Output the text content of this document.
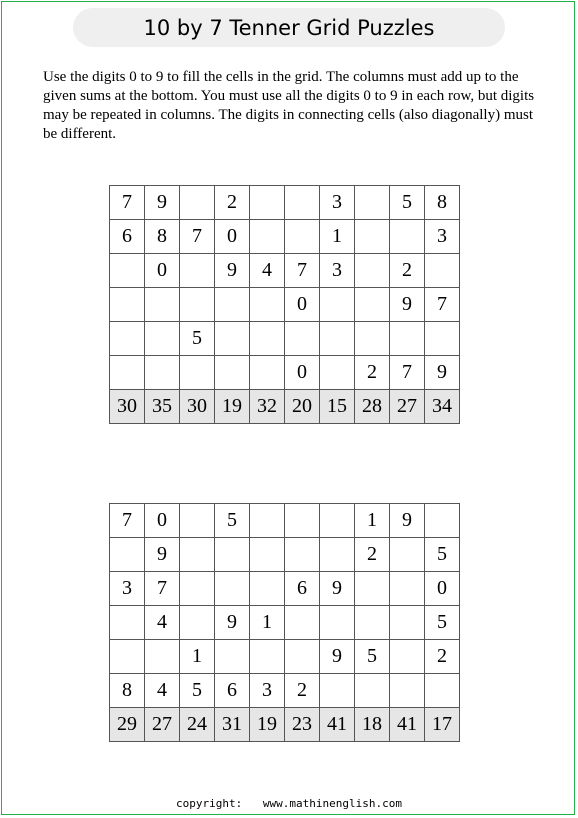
10 by 7 Tenner Grid Puzzles

Use the digits 0 to 9 to fill the cells in the grid. The columns must add up to the given sums at the bottom. You must use all the digits 0 to 9 in each row, but digits may be repeated in columns. The digits in connecting cells (also diagonally) must be different.

7	9		2			3		5	8
6	8	7	0			1			3
	0		9	4	7	3		2	
					0			9	7
		5							
					0		2	7	9
30	35	30	19	32	20	15	28	27	34
7	0		5				1	9	
	9						2		5
3	7				6	9			0
	4		9	1					5
		1				9	5		2
8	4	5	6	3	2				
29	27	24	31	19	23	41	18	41	17
copyright: www.mathinenglish.com
